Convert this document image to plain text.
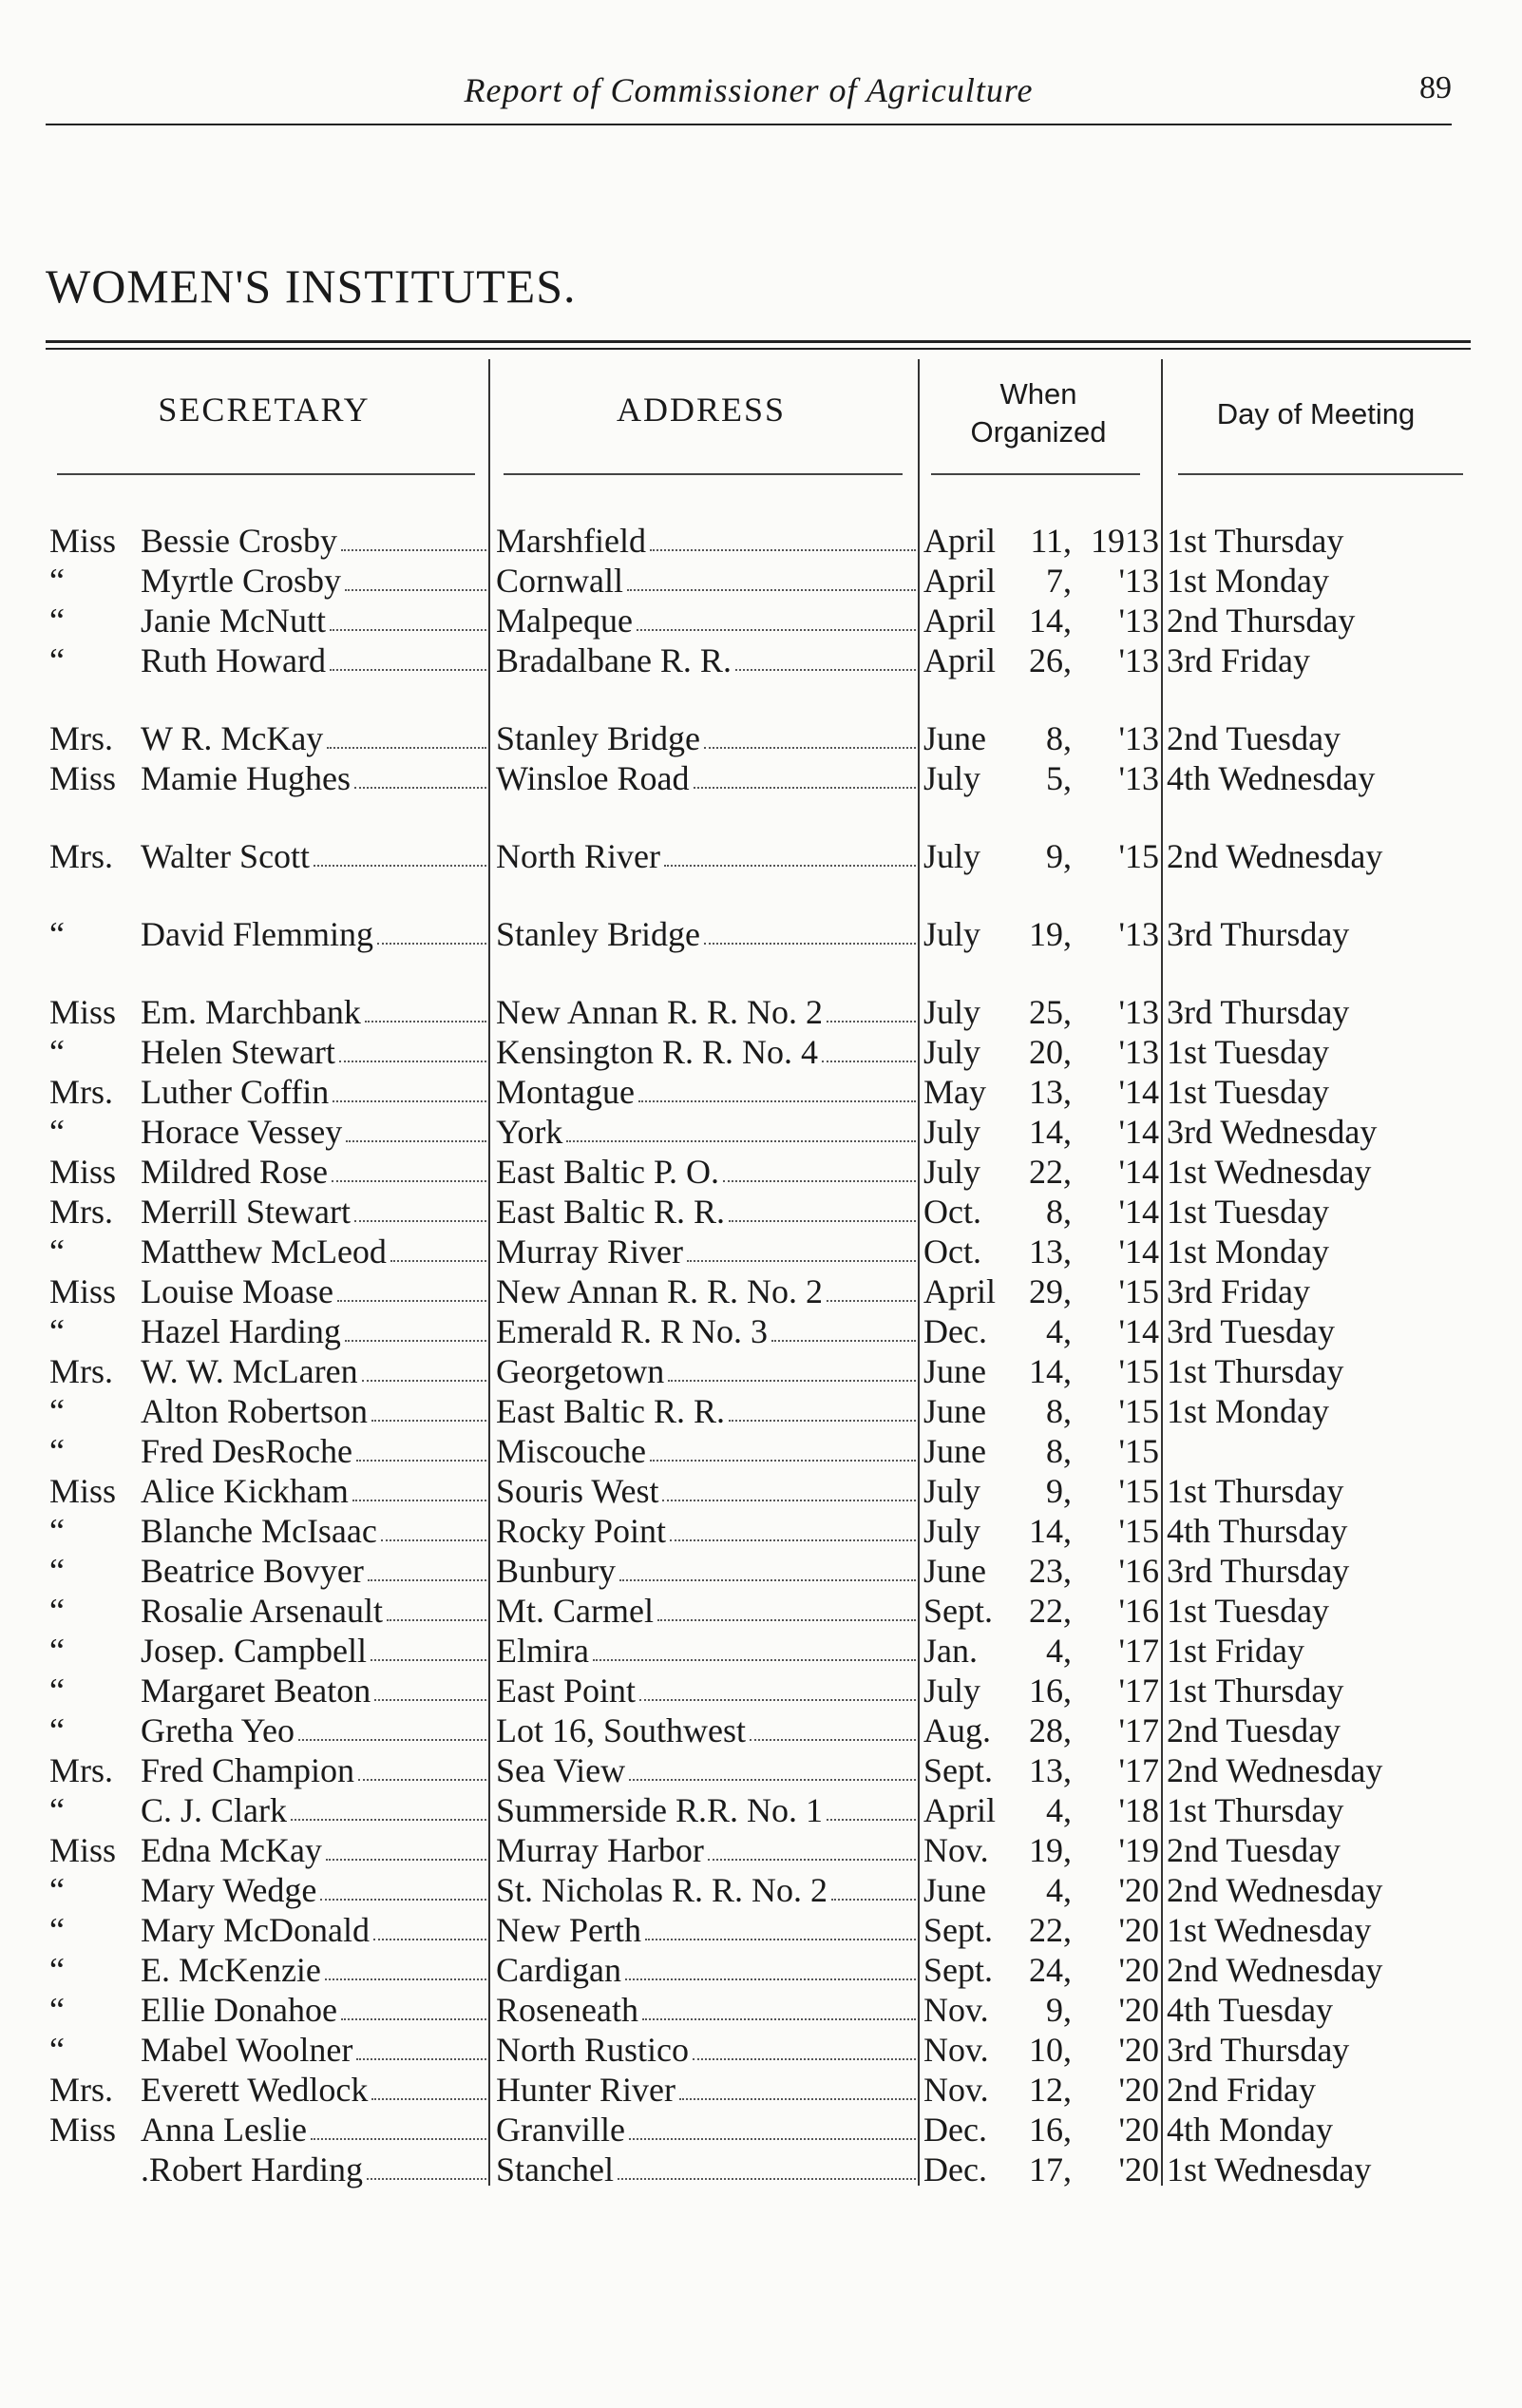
Report of Commissioner of Agriculture	89
WOMEN'S INSTITUTES.
SECRETARY	ADDRESS	When
Organized
Day of Meeting
Miss Bessie Crosby	Marshfield	April	11, 1913 1st Thursday
“	Myrtle Crosby	Cornwall	April	7,	'13 1st Monday
“	Janie McNutt	Malpeque	April 14,	'13 2nd Thursday
“	Ruth Howard	Bradalbane R. R.	April 26,	'13 3rd Friday
Mrs. W R. McKay	Stanley Bridge	June	8,	'13 2nd Tuesday
Miss Mamie Hughes	Winsloe Road	July	5,	'13 4th Wednesday
Mrs. Walter Scott	North River	July	9,	'15 2nd Wednesday
“	David Flemming	Stanley Bridge	July	19,	'13 3rd Thursday
Miss Em. Marchbank	New Annan R. R. No. 2	July	25,	'13 3rd Thursday
“	Helen Stewart	Kensington R. R. No. 4	July	20,	'13 1st Tuesday
Mrs. Luther Coffin	Montague	May	13,	'14 1st Tuesday
“	Horace Vessey	York	July	14,	'14 3rd Wednesday
Miss Mildred Rose	East Baltic P. O.	July	22,	'14 1st Wednesday
Mrs. Merrill Stewart	East Baltic R. R.	Oct.	8,	'14 1st Tuesday
“	Matthew McLeod	Murray River	Oct.	13,	'14 1st Monday
Miss Louise Moase	New Annan R. R. No. 2	April 29,	'15 3rd Friday
“	Hazel Harding	Emerald R. R No. 3	Dec.	4,	'14 3rd Tuesday
Mrs. W. W. McLaren	Georgetown	June	14,	'15 1st Thursday
“	Alton Robertson	East Baltic R. R.	June	8,	'15 1st Monday
“	Fred DesRoche	Miscouche	June	8,	'15
Miss Alice Kickham	Souris West	July	9,	'15 1st Thursday
“	Blanche McIsaac	Rocky Point	July	14,	'15 4th Thursday
“	Beatrice Bovyer	Bunbury	June	23,	'16 3rd Thursday
“	Rosalie Arsenault	Mt. Carmel	Sept.	22,	'16 1st Tuesday
“	Josep. Campbell	Elmira	Jan.	4,	'17 1st Friday
“	Margaret Beaton	East Point	July	16,	'17 1st Thursday
“	Gretha Yeo	Lot 16, Southwest	Aug.	28,	'17 2nd Tuesday
Mrs. Fred Champion	Sea View	Sept.	13,	'17 2nd Wednesday
“	C. J. Clark	Summerside R.R. No. 1	April	4,	'18 1st Thursday
Miss Edna McKay	Murray Harbor	Nov.	19,	'19 2nd Tuesday
“	Mary Wedge	St. Nicholas R. R. No. 2	June	4,	'20 2nd Wednesday
“	Mary McDonald	New Perth	Sept.	22,	'20 1st Wednesday
“	E. McKenzie	Cardigan	Sept.	24,	'20 2nd Wednesday
“	Ellie Donahoe	Roseneath	Nov.	9,	'20 4th Tuesday
“	Mabel Woolner	North Rustico	Nov.	10,	'20 3rd Thursday
Mrs. Everett Wedlock	Hunter River	Nov.	12,	'20 2nd Friday
Miss Anna Leslie	Granville	Dec.	16,	'20 4th Monday
.Robert Harding	Stanchel	Dec.	17,	'20 1st Wednesday
